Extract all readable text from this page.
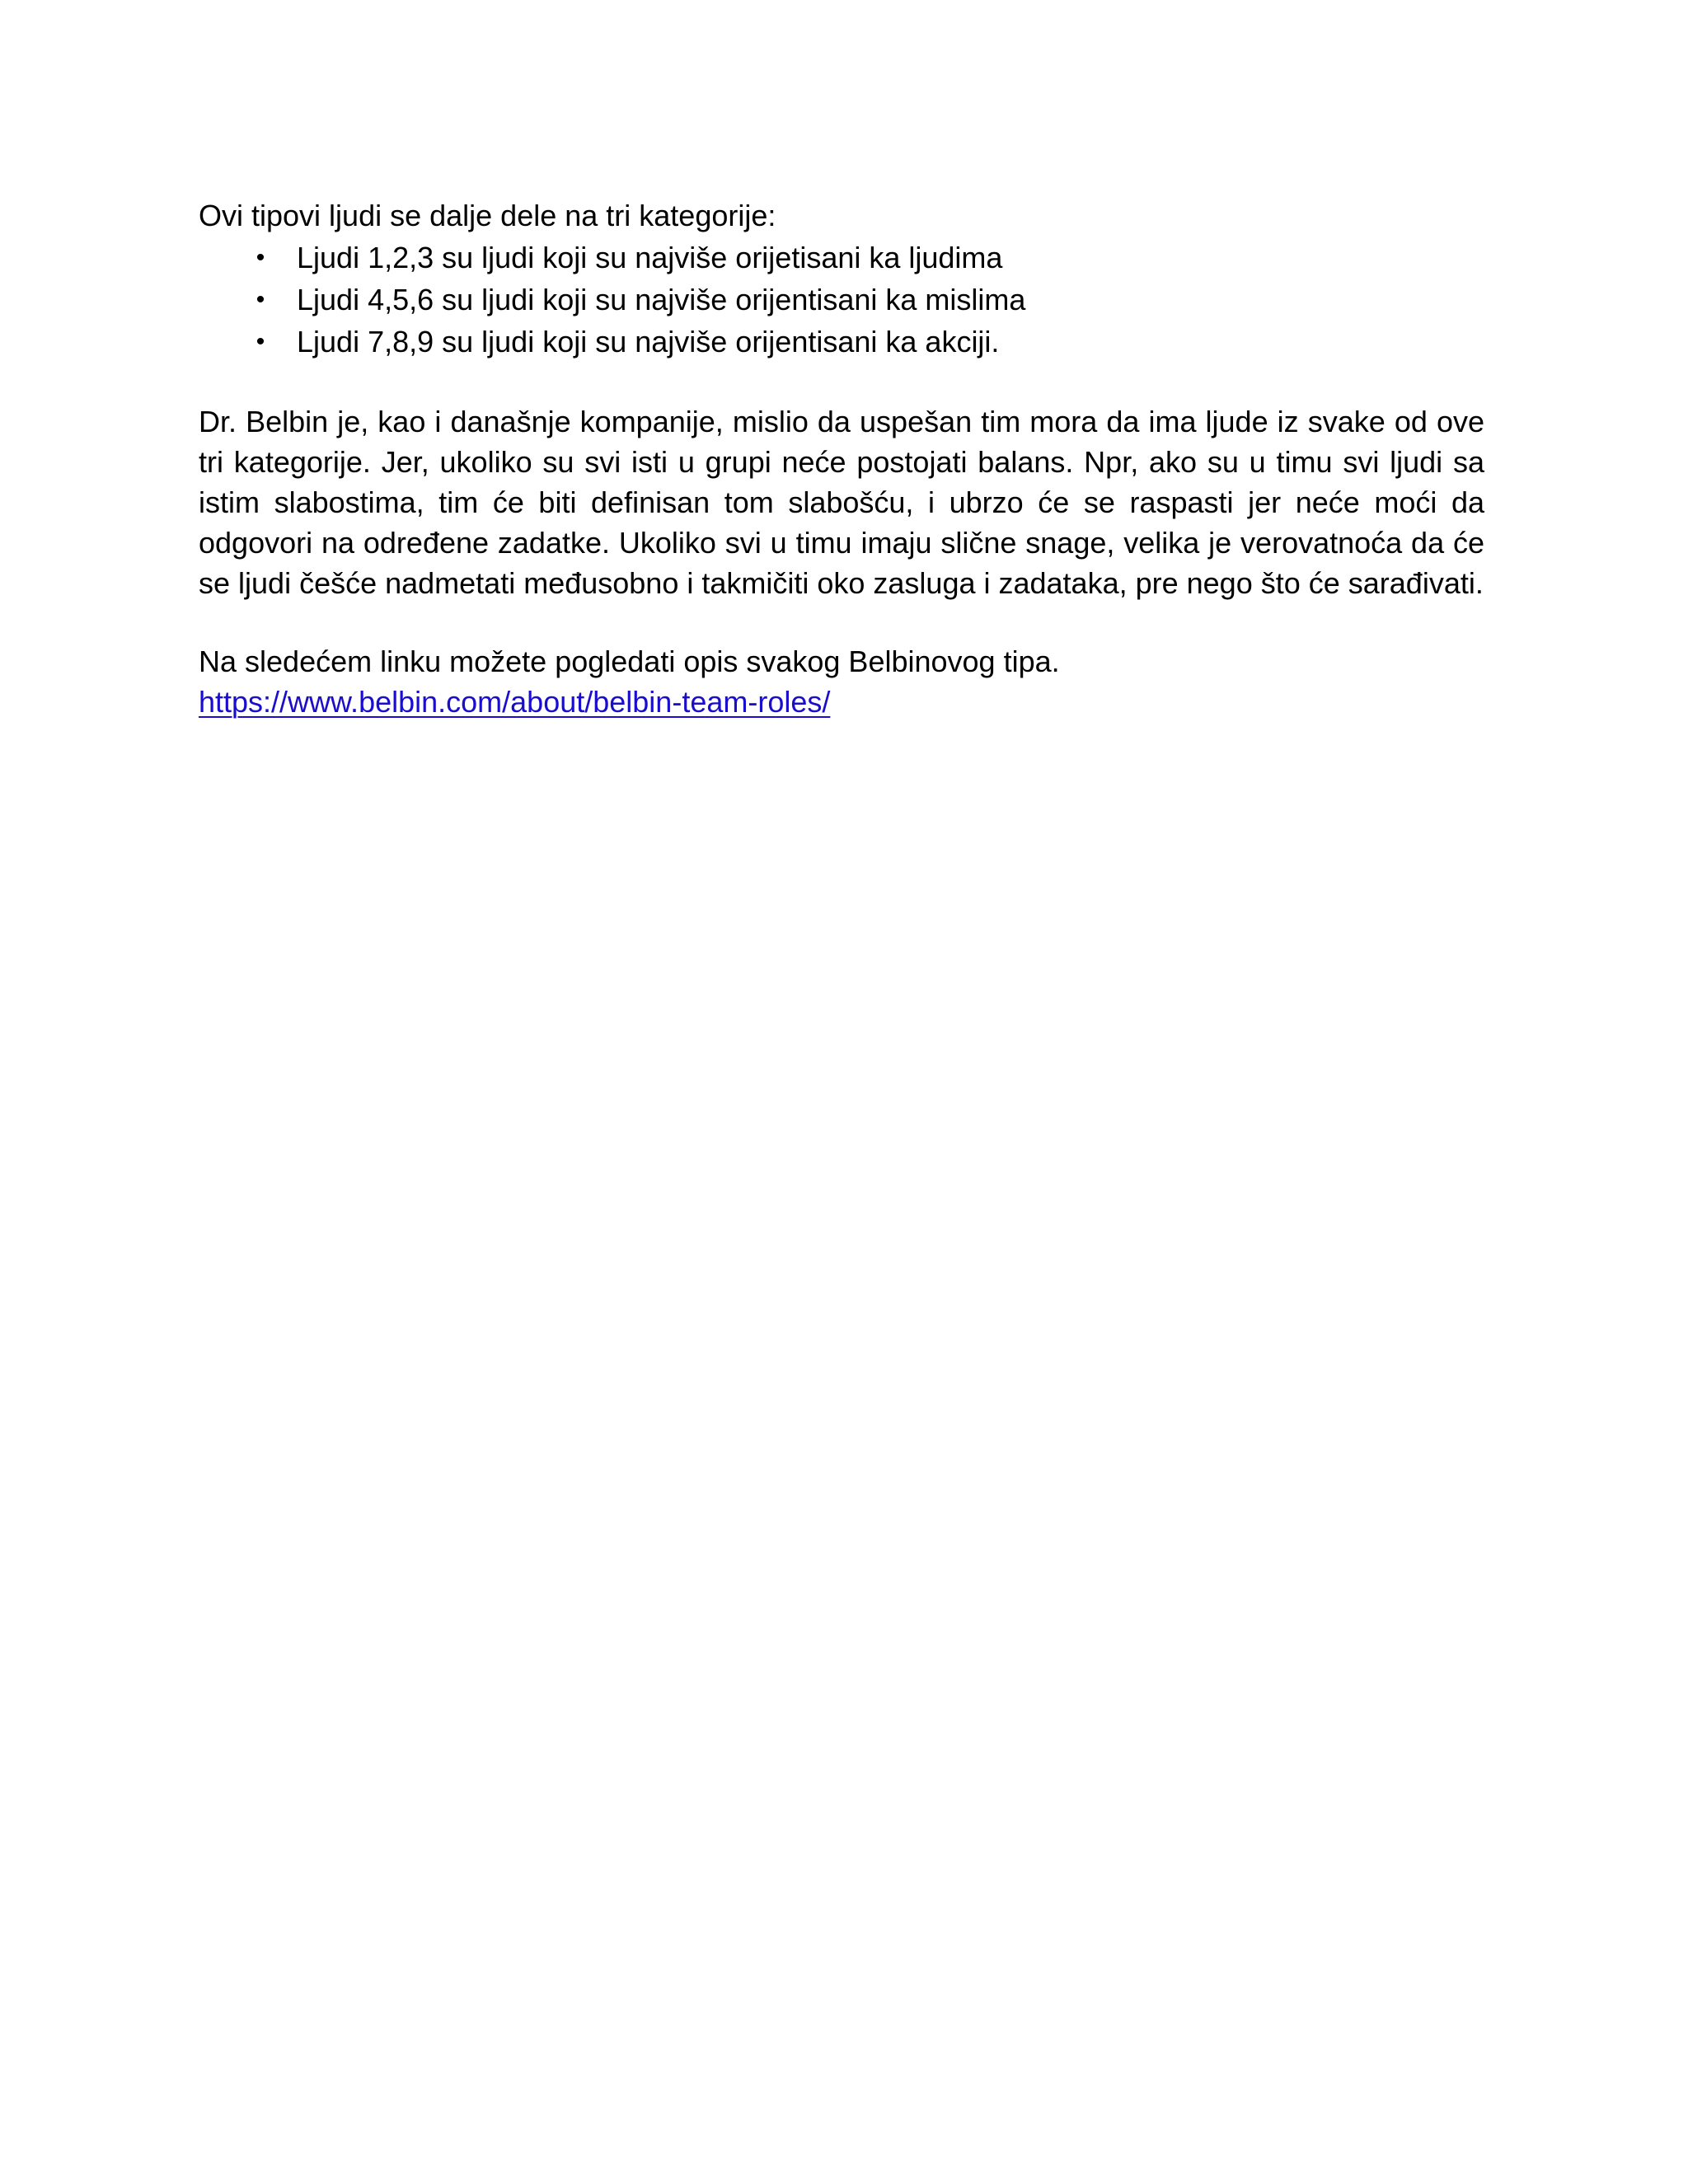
Ovi tipovi ljudi se dalje dele na tri kategorije:

• Ljudi 1,2,3 su ljudi koji su najviše orijetisani ka ljudima
• Ljudi 4,5,6 su ljudi koji su najviše orijentisani ka mislima
• Ljudi 7,8,9 su ljudi koji su najviše orijentisani ka akciji.

Dr. Belbin je, kao i današnje kompanije, mislio da uspešan tim mora da ima ljude iz svake od ove tri kategorije. Jer, ukoliko su svi isti u grupi neće postojati balans. Npr, ako su u timu svi ljudi sa istim slabostima, tim će biti definisan tom slabošću, i ubrzo će se raspasti jer neće moći da odgovori na određene zadatke. Ukoliko svi u timu imaju slične snage, velika je verovatnoća da će se ljudi češće nadmetati međusobno i takmičiti oko zasluga i zadataka, pre nego što će sarađivati.

Na sledećem linku možete pogledati opis svakog Belbinovog tipa.
https://www.belbin.com/about/belbin-team-roles/
